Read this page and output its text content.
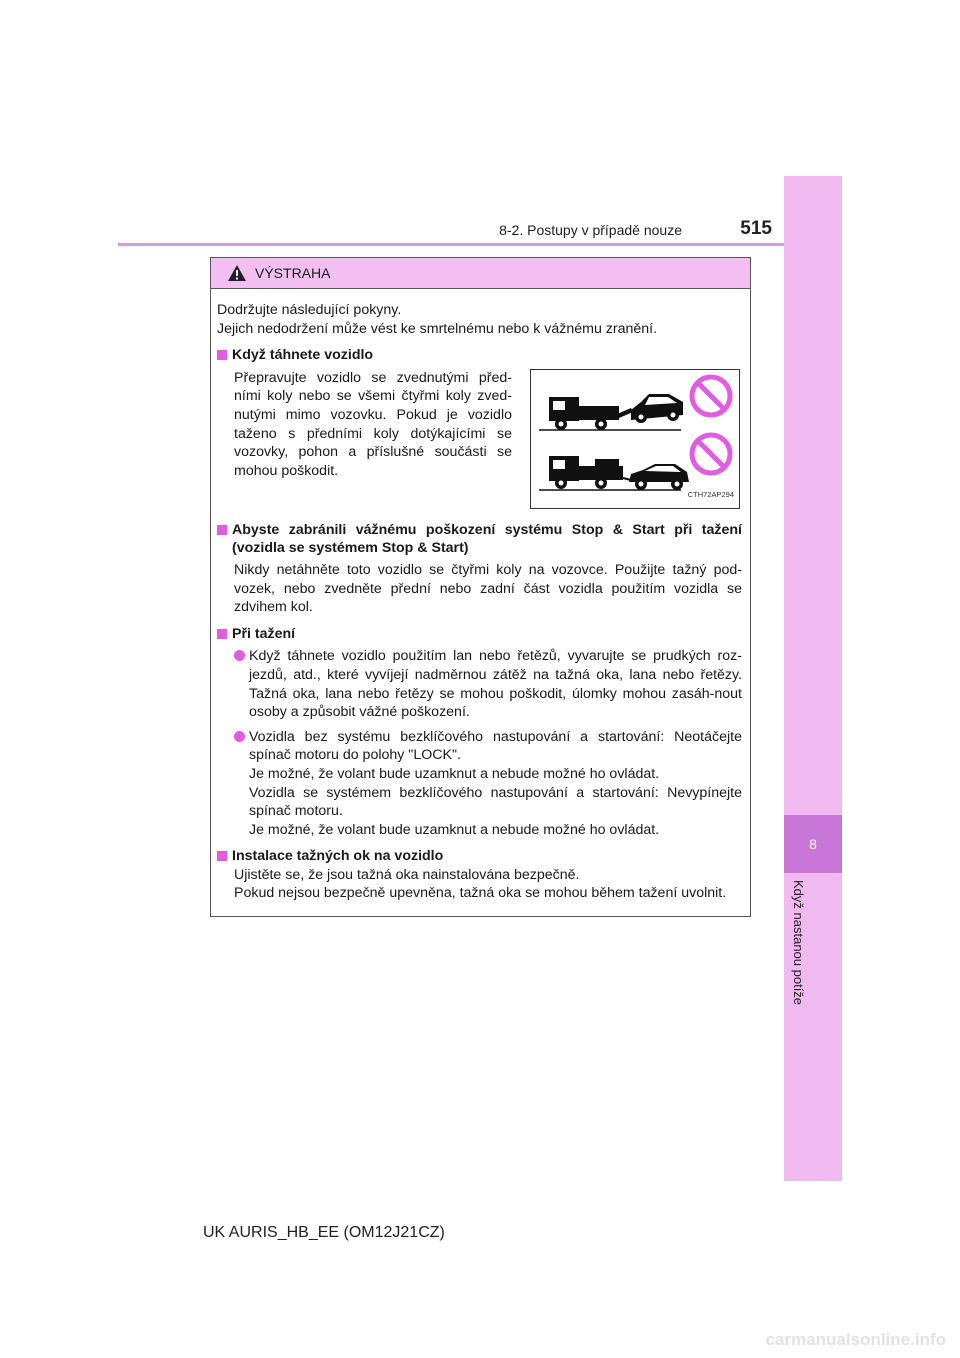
8
Když nastanou potíže
8-2. Postupy v případě nouze	515
VÝSTRAHA
Dodržujte následující pokyny.
Jejich nedodržení může vést ke smrtelnému nebo k vážnému zranění.
Když táhnete vozidlo
Přepravujte vozidlo se zvednutými před-ními koly nebo se všemi čtyřmi koly zved-nutými mimo vozovku. Pokud je vozidlo taženo s předními koly dotýkajícími se vozovky, pohon a příslušné součásti se mohou poškodit.
CTH72AP294
Abyste zabránili vážnému poškození systému Stop & Start při tažení (vozidla se systémem Stop & Start)
Nikdy netáhněte toto vozidlo se čtyřmi koly na vozovce. Použijte tažný pod-vozek, nebo zvedněte přední nebo zadní část vozidla použitím vozidla se zdvihem kol.
Při tažení
Když táhnete vozidlo použitím lan nebo řetězů, vyvarujte se prudkých roz-jezdů, atd., které vyvíjejí nadměrnou zátěž na tažná oka, lana nebo řetězy. Tažná oka, lana nebo řetězy se mohou poškodit, úlomky mohou zasáh-nout osoby a způsobit vážné poškození.
Vozidla bez systému bezklíčového nastupování a startování: Neotáčejte spínač motoru do polohy "LOCK".
Je možné, že volant bude uzamknut a nebude možné ho ovládat.
Vozidla se systémem bezklíčového nastupování a startování: Nevypínejte spínač motoru.
Je možné, že volant bude uzamknut a nebude možné ho ovládat.
Instalace tažných ok na vozidlo
Ujistěte se, že jsou tažná oka nainstalována bezpečně.
Pokud nejsou bezpečně upevněna, tažná oka se mohou během tažení uvolnit.
UK AURIS_HB_EE (OM12J21CZ)
carmanualsonline.info
